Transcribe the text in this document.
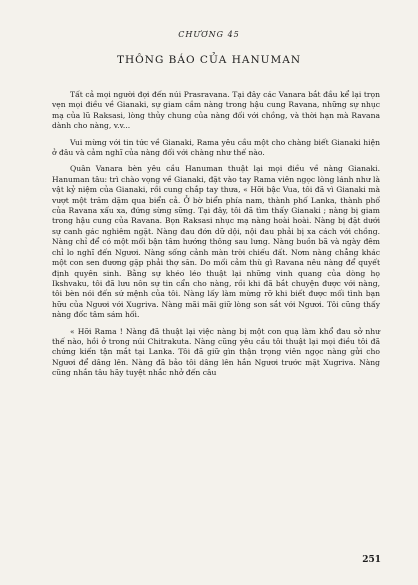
CHƯƠNG 45
THÔNG BÁO CỦA HANUMAN

Tất cả mọi người đợi đến núi Prasravana. Tại đây các Vanara bắt đầu kể lại trọn vẹn mọi điều về Gianaki, sự giam cầm nàng trong hậu cung Ravana, những sự nhục mạ của lũ Raksasi, lòng thủy chung của nàng đối với chồng, và thời hạn mà Ravana dành cho nàng, v.v...

Vui mừng với tin tức về Gianaki, Rama yêu cầu một cho chàng biết Gianaki hiện ở đâu và cảm nghĩ của nàng đối với chàng như thế nào.

Quân Vanara bèn yêu cầu Hanuman thuật lại mọi điều về nàng Gianaki. Hanuman tâu: trì chào vọng về Gianaki, đặt vào tay Rama viên ngọc lòng lánh như là vật kỷ niệm của Gianaki, rồi cung chắp tay thưa, « Hỡi bậc Vua, tôi đã vì Gianaki mà vượt một trăm dặm qua biển cả. Ở bờ biển phía nam, thành phố Lanka, thành phố của Ravana xấu xa, đứng sừng sững. Tại đây, tôi đã tìm thấy Gianaki ; nàng bị giam trong hậu cung của Ravana. Bọn Raksasi nhục mạ nàng hoài hoài. Nàng bị đặt dưới sự canh gác nghiêm ngặt. Nàng đau đớn dữ dội, nội đau phải bị xa cách với chồng. Nàng chỉ để có một mối bận tâm hướng thông sau lưng. Nàng buồn bã và ngày đêm chỉ lo nghĩ đến Ngươi. Nàng sống cảnh màn trời chiếu đất. Nơm nàng chẳng khác một con sen đương gặp phải thợ săn. Do mối cảm thù gì Ravana nêu nàng để quyết định quyên sinh. Bằng sự khéo léo thuật lại những vinh quang của dòng họ Ikshvaku, tôi đã lưu nôn sự tin cẩn cho nàng, rồi khi đã bắt chuyện được với nàng, tôi bèn nói đến sứ mệnh của tôi. Nàng lấy làm mừng rỡ khi biết được mối tình bạn hữu của Ngươi với Xugriva. Nàng mãi mãi giữ lòng son sắt với Ngươi. Tôi cũng thấy nàng đốc tâm sám hối.

« Hỡi Rama ! Nàng đã thuật lại việc nàng bị một con quạ làm khổ đau sở như thế nào, hồi ở trong núi Chitrakuta. Nàng cũng yêu cầu tôi thuật lại mọi điều tôi đã chứng kiến tận mắt tại Lanka. Tôi đã giữ gìn thận trọng viên ngọc nàng gửi cho Ngươi để dâng lên. Nàng đã bảo tôi dâng lên hắn Ngươi trước mặt Xugriva. Nàng cũng nhắn tâu hãy tuyệt nhắc nhở đến câu

251
